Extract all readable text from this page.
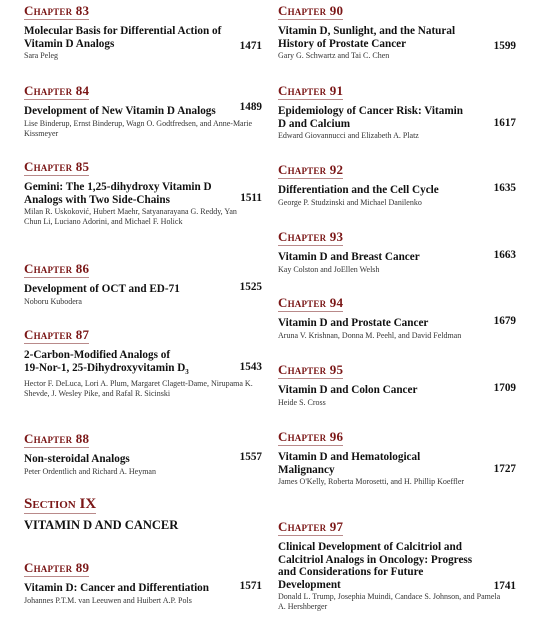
Chapter 83
Molecular Basis for Differential Action of Vitamin D Analogs	1471
Sara Peleg
Chapter 84
Development of New Vitamin D Analogs	1489
Lise Binderup, Ernst Binderup, Wagn O. Godtfredsen, and Anne-Marie Kissmeyer
Chapter 85
Gemini: The 1,25-dihydroxy Vitamin D Analogs with Two Side-Chains	1511
Milan R. Uskoković, Hubert Maehr, Satyanarayana G. Reddy, Yan Chun Li, Luciano Adorini, and Michael F. Holick
Chapter 86
Development of OCT and ED-71	1525
Noboru Kubodera
Chapter 87
2-Carbon-Modified Analogs of
19-Nor-1, 25-Dihydroxyvitamin $D_3$	1543
Hector F. DeLuca, Lori A. Plum, Margaret Clagett-Dame, Nirupama K. Shevde, J. Wesley Pike, and Rafal R. Sicinski
Chapter 88
Non-steroidal Analogs	1557
Peter Ordentlich and Richard A. Heyman
Section IX
VITAMIN D AND CANCER
Chapter 89
Vitamin D: Cancer and Differentiation	1571
Johannes P.T.M. van Leeuwen and Huibert A.P. Pols
Chapter 90
Vitamin D, Sunlight, and the Natural History of Prostate Cancer	1599
Gary G. Schwartz and Tai C. Chen
Chapter 91
Epidemiology of Cancer Risk: Vitamin D and Calcium	1617
Edward Giovannucci and Elizabeth A. Platz
Chapter 92
Differentiation and the Cell Cycle	1635
George P. Studzinski and Michael Danilenko
Chapter 93
Vitamin D and Breast Cancer	1663
Kay Colston and JoEllen Welsh
Chapter 94
Vitamin D and Prostate Cancer	1679
Aruna V. Krishnan, Donna M. Peehl, and David Feldman
Chapter 95
Vitamin D and Colon Cancer	1709
Heide S. Cross
Chapter 96
Vitamin D and Hematological Malignancy	1727
James O'Kelly, Roberta Morosetti, and H. Phillip Koeffler
Chapter 97
Clinical Development of Calcitriol and Calcitriol Analogs in Oncology: Progress and Considerations for Future Development	1741
Donald L. Trump, Josephia Muindi, Candace S. Johnson, and Pamela A. Hershberger
